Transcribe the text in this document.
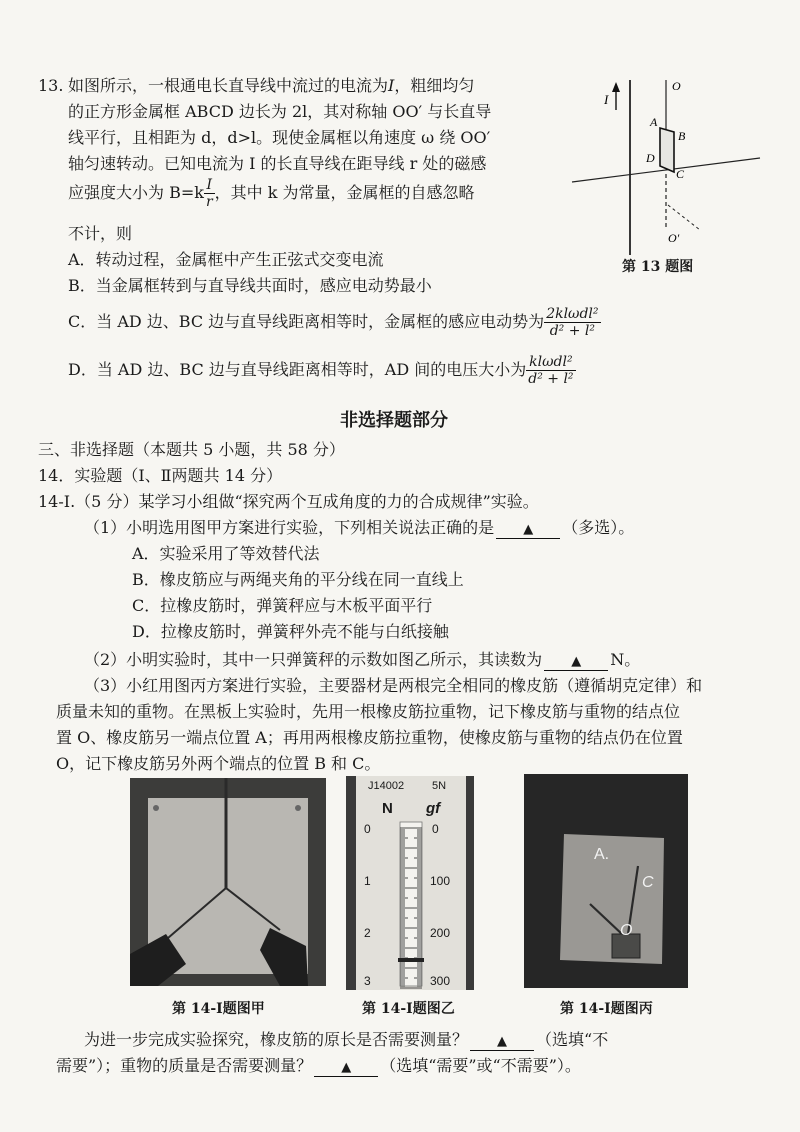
13. 如图所示，一根通电长直导线中流过的电流为I，粗细均匀
的正方形金属框 ABCD 边长为 2l，其对称轴 OO′ 与长直导
线平行，且相距为 d，d>l。现使金属框以角速度 ω 绕 OO′
轴匀速转动。已知电流为 I 的长直导线在距导线 r 处的磁感
应强度大小为 $B=k \frac{I}{r}$ ，其中 k 为常量，金属框的自感忽略
不计，则
A．转动过程，金属框中产生正弦式交变电流
B．当金属框转到与直导线共面时，感应电动势最小
C．当 AD 边、BC 边与直导线距离相等时，金属框的感应电动势为 $\frac{\text{2klωdl²}}{\text{d² + l²}}$
D．当 AD 边、BC 边与直导线距离相等时，AD 间的电压大小为 $\frac{\text{klωdl²}}{\text{d² + l²}}$
I
O
O′
A
B
C
D
第 13 题图
非选择题部分
三、非选择题（本题共 5 小题，共 58 分）
14．实验题（Ⅰ、Ⅱ两题共 14 分）
14-Ⅰ.（5 分）某学习小组做“探究两个互成角度的力的合成规律”实验。
（1）小明选用图甲方案进行实验，下列相关说法正确的是 ▲ （多选）。
A．实验采用了等效替代法
B．橡皮筋应与两绳夹角的平分线在同一直线上
C．拉橡皮筋时，弹簧秤应与木板平面平行
D．拉橡皮筋时，弹簧秤外壳不能与白纸接触
（2）小明实验时，其中一只弹簧秤的示数如图乙所示，其读数为 ▲ N。
（3）小红用图丙方案进行实验，主要器材是两根完全相同的橡皮筋（遵循胡克定律）和
质量未知的重物。在黑板上实验时，先用一根橡皮筋拉重物，记下橡皮筋与重物的结点位
置 O、橡皮筋另一端点位置 A；再用两根橡皮筋拉重物，使橡皮筋与重物的结点仍在位置
O，记下橡皮筋另外两个端点的位置 B 和 C。
J14002	5N
N gf
0
1
2
3
0
100
200
300
A.
C
O
第 14-Ⅰ题图甲	第 14-Ⅰ题图乙	第 14-Ⅰ题图丙
为进一步完成实验探究，橡皮筋的原长是否需要测量？ ▲ （选填“不
需要”）；重物的质量是否需要测量？ ▲ （选填“需要”或“不需要”）。
